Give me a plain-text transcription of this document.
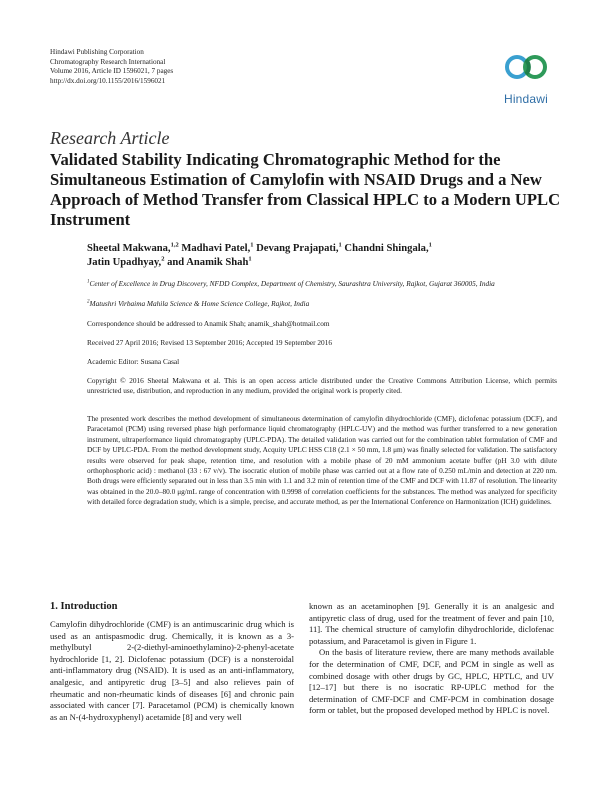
Hindawi Publishing Corporation
Chromatography Research International
Volume 2016, Article ID 1596021, 7 pages
http://dx.doi.org/10.1155/2016/1596021
Hindawi
Research Article
Validated Stability Indicating Chromatographic Method for the Simultaneous Estimation of Camylofin with NSAID Drugs and a New Approach of Method Transfer from Classical HPLC to a Modern UPLC Instrument
Sheetal Makwana,$^{1,2}$ Madhavi Patel,$^1$ Devang Prajapati,$^1$ Chandni Shingala,$^1$
Jatin Upadhyay,$^2$ and Anamik Shah$^1$
$^1$Center of Excellence in Drug Discovery, NFDD Complex, Department of Chemistry, Saurashtra University, Rajkot, Gujarat 360005, India
$^2$Matushri Virbaima Mahila Science & Home Science College, Rajkot, India
Correspondence should be addressed to Anamik Shah; anamik_shah@hotmail.com
Received 27 April 2016; Revised 13 September 2016; Accepted 19 September 2016
Academic Editor: Susana Casal
Copyright © 2016 Sheetal Makwana et al. This is an open access article distributed under the Creative Commons Attribution License, which permits unrestricted use, distribution, and reproduction in any medium, provided the original work is properly cited.
The presented work describes the method development of simultaneous determination of camylofin dihydrochloride (CMF), diclofenac potassium (DCF), and Paracetamol (PCM) using reversed phase high performance liquid chromatography (HPLC-UV) and the method was further transferred to a new generation instrument, ultraperformance liquid chromatography (UPLC-PDA). The detailed validation was carried out for the combination tablet formulation of CMF and DCF by UPLC-PDA. From the method development study, Acquity UPLC HSS C18 (2.1 × 50 mm, 1.8 μm) was finally selected for validation. The satisfactory results were observed for peak shape, retention time, and resolution with a mobile phase of 20 mM ammonium acetate buffer (pH 3.0 with dilute orthophosphoric acid) : methanol (33 : 67 v/v). The isocratic elution of mobile phase was carried out at a flow rate of 0.250 mL/min and detection at 220 nm. Both drugs were efficiently separated out in less than 3.5 min with 1.1 and 3.2 min of retention time of the CMF and DCF with 11.87 of resolution. The linearity was obtained in the 20.0–80.0 μg/mL range of concentration with 0.9998 of correlation coefficients for the substances. The method was analyzed for specificity with detailed force degradation study, which is a simple, precise, and accurate method, as per the International Conference on Harmonization (ICH) guidelines.
1. Introduction

Camylofin dihydrochloride (CMF) is an antimuscarinic drug which is used as an antispasmodic drug. Chemically, it is known as a 3-methylbutyl 2-(2-diethyl-aminoethylamino)-2-phenyl-acetate hydrochloride [1, 2]. Diclofenac potassium (DCF) is a nonsteroidal anti-inflammatory drug (NSAID). It is used as an anti-inflammatory, analgesic, and antipyretic drug [3–5] and also relieves pain of rheumatic and non-rheumatic kinds of diseases [6] and chronic pain associated with cancer [7]. Paracetamol (PCM) is chemically known as an N-(4-hydroxyphenyl) acetamide [8] and very well

known as an acetaminophen [9]. Generally it is an analgesic and antipyretic class of drug, used for the treatment of fever and pain [10, 11]. The chemical structure of camylofin dihydrochloride, diclofenac potassium, and Paracetamol is given in Figure 1.

On the basis of literature review, there are many methods available for the determination of CMF, DCF, and PCM in single as well as combined dosage with other drugs by GC, HPLC, HPTLC, and UV [12–17] but there is no isocratic RP-UPLC method for the determination of CMF-DCF and CMF-PCM in combination dosage form or tablet, but the proposed developed method by HPLC is novel.
